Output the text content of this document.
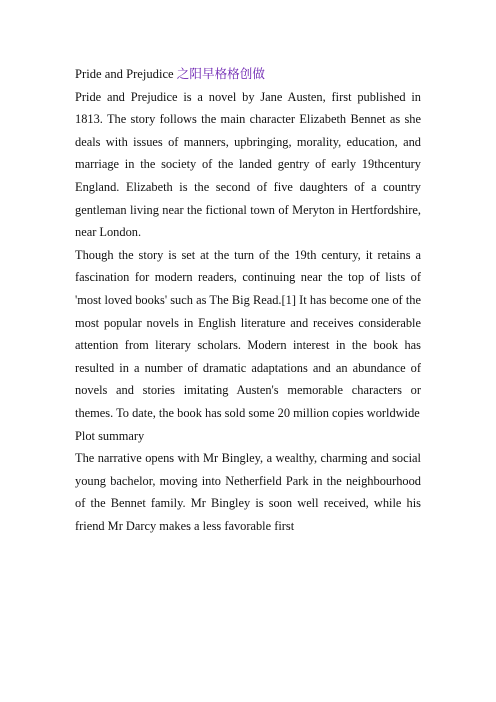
Pride and Prejudice 之阳早格格创做

Pride and Prejudice is a novel by Jane Austen, first published in 1813. The story follows the main character Elizabeth Bennet as she deals with issues of manners, upbringing, morality, education, and marriage in the society of the landed gentry of early 19thcentury England. Elizabeth is the second of five daughters of a country gentleman living near the fictional town of Meryton in Hertfordshire, near London.

Though the story is set at the turn of the 19th century, it retains a fascination for modern readers, continuing near the top of lists of 'most loved books' such as The Big Read.[1] It has become one of the most popular novels in English literature and receives considerable attention from literary scholars. Modern interest in the book has resulted in a number of dramatic adaptations and an abundance of novels and stories imitating Austen's memorable characters or themes. To date, the book has sold some 20 million copies worldwide

Plot summary

The narrative opens with Mr Bingley, a wealthy, charming and social young bachelor, moving into Netherfield Park in the neighbourhood of the Bennet family. Mr Bingley is soon well received, while his friend Mr Darcy makes a less favorable first
